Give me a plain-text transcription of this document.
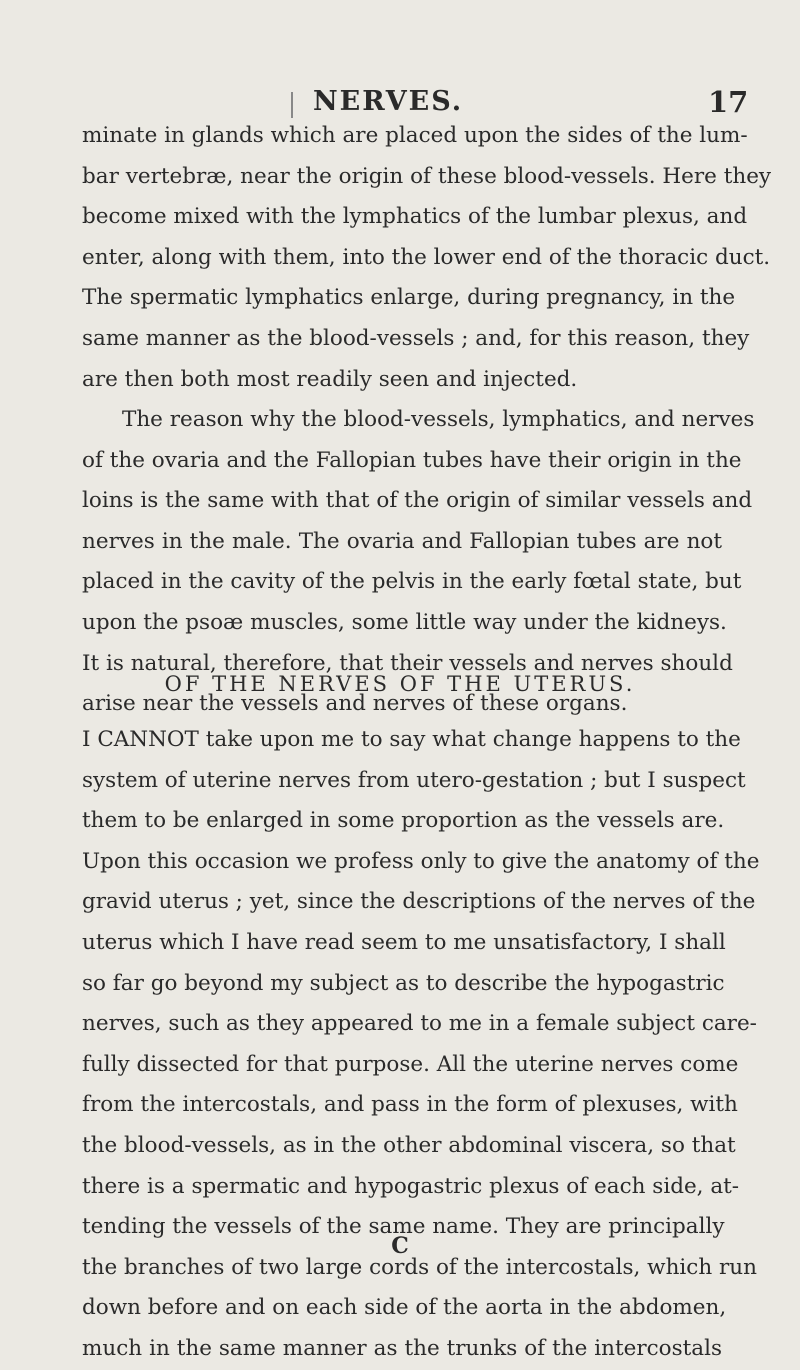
NERVES.	17
minate in glands which are placed upon the sides of the lum-
bar vertebræ, near the origin of these blood-vessels. Here they
become mixed with the lymphatics of the lumbar plexus, and
enter, along with them, into the lower end of the thoracic duct.
The spermatic lymphatics enlarge, during pregnancy, in the
same manner as the blood-vessels ; and, for this reason, they
are then both most readily seen and injected.
The reason why the blood-vessels, lymphatics, and nerves
of the ovaria and the Fallopian tubes have their origin in the
loins is the same with that of the origin of similar vessels and
nerves in the male. The ovaria and Fallopian tubes are not
placed in the cavity of the pelvis in the early fœtal state, but
upon the psoæ muscles, some little way under the kidneys.
It is natural, therefore, that their vessels and nerves should
arise near the vessels and nerves of these organs.
OF THE NERVES OF THE UTERUS.
I CANNOT take upon me to say what change happens to the
system of uterine nerves from utero-gestation ; but I suspect
them to be enlarged in some proportion as the vessels are.
Upon this occasion we profess only to give the anatomy of the
gravid uterus ; yet, since the descriptions of the nerves of the
uterus which I have read seem to me unsatisfactory, I shall
so far go beyond my subject as to describe the hypogastric
nerves, such as they appeared to me in a female subject care-
fully dissected for that purpose. All the uterine nerves come
from the intercostals, and pass in the form of plexuses, with
the blood-vessels, as in the other abdominal viscera, so that
there is a spermatic and hypogastric plexus of each side, at-
tending the vessels of the same name. They are principally
the branches of two large cords of the intercostals, which run
down before and on each side of the aorta in the abdomen,
much in the same manner as the trunks of the intercostals
C
